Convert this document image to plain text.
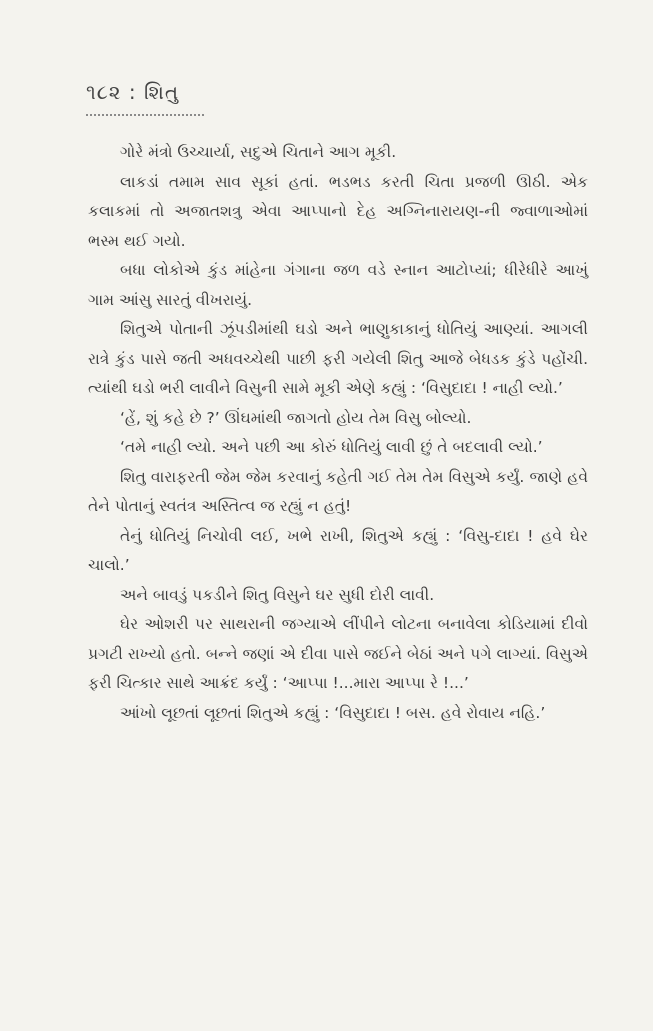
૧૮૨ : શિતુ

ગોરે મંત્રો ઉચ્ચાર્યા, સદુએ ચિતાને આગ મૂકી.

લાકડાં તમામ સાવ સૂકાં હતાં. ભડભડ કરતી ચિતા પ્રજળી ઊઠી. એક કલાકમાં તો અજાતશત્રુ એવા આપ્પાનો દેહ અગ્નિનારાયણ-ની જ્વાળાઓમાં ભસ્મ થઈ ગયો.

બધા લોકોએ કુંડ માંહેના ગંગાના જળ વડે સ્નાન આટોપ્યાં; ધીરેધીરે આખું ગામ આંસુ સારતું વીખરાયું.

શિતુએ પોતાની ઝૂંપડીમાંથી ઘડો અને ભાણુકાકાનું ધોતિયું આણ્યાં. આગલી રાત્રે કુંડ પાસે જતી અધવચ્ચેથી પાછી ફરી ગયેલી શિતુ આજે બેધડક કુંડે પહોંચી. ત્યાંથી ઘડો ભરી લાવીને વિસુની સામે મૂકી એણે કહ્યું : ‘વિસુદાદા ! નાહી લ્યો.’

‘હેં, શું કહે છે ?’ ઊંઘમાંથી જાગતો હોય તેમ વિસુ બોલ્યો.

‘તમે નાહી લ્યો. અને પછી આ કોરું ધોતિયું લાવી છું તે બદલાવી લ્યો.’

શિતુ વારાફરતી જેમ જેમ કરવાનું કહેતી ગઈ તેમ તેમ વિસુએ કર્યું. જાણે હવે તેને પોતાનું સ્વતંત્ર અસ્તિત્વ જ રહ્યું ન હતું!

તેનું ધોતિયું નિચોવી લઈ, ખભે રાખી, શિતુએ કહ્યું : ‘વિસુ-દાદા ! હવે ઘેર ચાલો.’

અને બાવડું પકડીને શિતુ વિસુને ઘર સુધી દોરી લાવી.

ઘેર ઓશરી પર સાથરાની જગ્યાએ લીંપીને લોટના બનાવેલા કોડિયામાં દીવો પ્રગટી રાખ્યો હતો. બન્ને જણાં એ દીવા પાસે જઈને બેઠાં અને પગે લાગ્યાં. વિસુએ ફરી ચિત્કાર સાથે આક્રંદ કર્યું : ‘આપ્પા !...મારા આપ્પા રે !...’

આંખો લૂછતાં લૂછતાં શિતુએ કહ્યું : ‘વિસુદાદા ! બસ. હવે રોવાય નહિ.’
